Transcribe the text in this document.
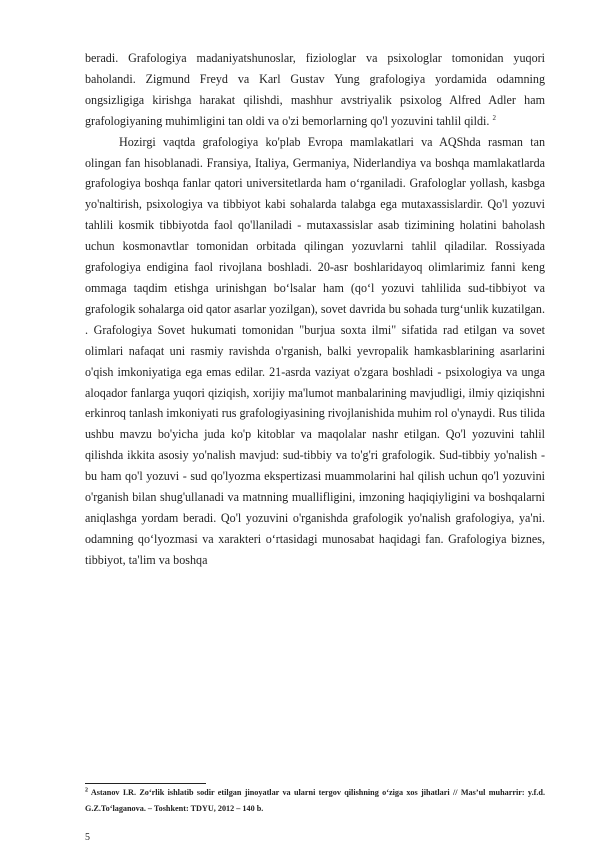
beradi. Grafologiya madaniyatshunoslar, fiziologlar va psixologlar tomonidan yuqori baholandi. Zigmund Freyd va Karl Gustav Yung grafologiya yordamida odamning ongsizligiga kirishga harakat qilishdi, mashhur avstriyalik psixolog Alfred Adler ham grafologiyaning muhimligini tan oldi va o'zi bemorlarning qo'l yozuvini tahlil qildi. $^2$

Hozirgi vaqtda grafologiya ko'plab Evropa mamlakatlari va AQShda rasman tan olingan fan hisoblanadi. Fransiya, Italiya, Germaniya, Niderlandiya va boshqa mamlakatlarda grafologiya boshqa fanlar qatori universitetlarda ham o‘rganiladi. Grafologlar yollash, kasbga yo'naltirish, psixologiya va tibbiyot kabi sohalarda talabga ega mutaxassislardir. Qo'l yozuvi tahlili kosmik tibbiyotda faol qo'llaniladi - mutaxassislar asab tizimining holatini baholash uchun kosmonavtlar tomonidan orbitada qilingan yozuvlarni tahlil qiladilar. Rossiyada grafologiya endigina faol rivojlana boshladi. 20-asr boshlaridayoq olimlarimiz fanni keng ommaga taqdim etishga urinishgan bo‘lsalar ham (qo‘l yozuvi tahlilida sud-tibbiyot va grafologik sohalarga oid qator asarlar yozilgan), sovet davrida bu sohada turg‘unlik kuzatilgan. . Grafologiya Sovet hukumati tomonidan "burjua soxta ilmi" sifatida rad etilgan va sovet olimlari nafaqat uni rasmiy ravishda o'rganish, balki yevropalik hamkasblarining asarlarini o'qish imkoniyatiga ega emas edilar. 21-asrda vaziyat o'zgara boshladi - psixologiya va unga aloqador fanlarga yuqori qiziqish, xorijiy ma'lumot manbalarining mavjudligi, ilmiy qiziqishni erkinroq tanlash imkoniyati rus grafologiyasining rivojlanishida muhim rol o'ynaydi. Rus tilida ushbu mavzu bo'yicha juda ko'p kitoblar va maqolalar nashr etilgan. Qo'l yozuvini tahlil qilishda ikkita asosiy yo'nalish mavjud: sud-tibbiy va to'g'ri grafologik. Sud-tibbiy yo'nalish - bu ham qo'l yozuvi - sud qo'lyozma ekspertizasi muammolarini hal qilish uchun qo'l yozuvini o'rganish bilan shug'ullanadi va matnning muallifligini, imzoning haqiqiyligini va boshqalarni aniqlashga yordam beradi. Qo'l yozuvini o'rganishda grafologik yo'nalish grafologiya, ya'ni. odamning qo‘lyozmasi va xarakteri o‘rtasidagi munosabat haqidagi fan. Grafologiya biznes, tibbiyot, ta'lim va boshqa

$^2$ Astanov I.R. Zo‘rlik ishlatib sodir etilgan jinoyatlar va ularni tergov qilishning o‘ziga xos jihatlari // Mas’ul muharrir: y.f.d. G.Z.To‘laganova. – Toshkent: TDYU, 2012 – 140 b.

5
